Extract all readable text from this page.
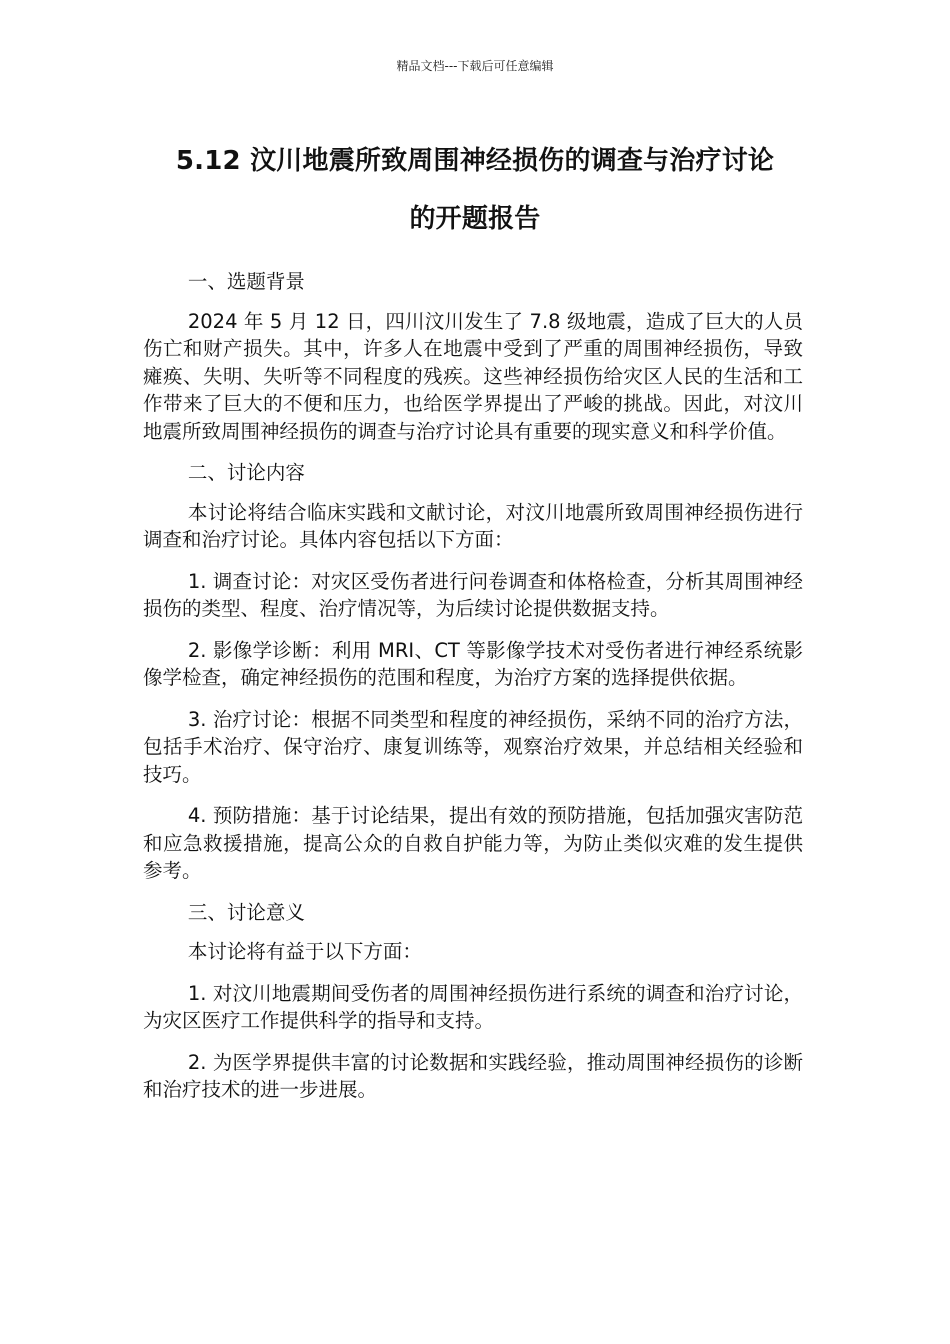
精品文档---下载后可任意编辑
5.12 汶川地震所致周围神经损伤的调查与治疗讨论
的开题报告

一、选题背景

2024 年 5 月 12 日，四川汶川发生了 7.8 级地震，造成了巨大的人员伤亡和财产损失。其中，许多人在地震中受到了严重的周围神经损伤，导致瘫痪、失明、失听等不同程度的残疾。这些神经损伤给灾区人民的生活和工作带来了巨大的不便和压力，也给医学界提出了严峻的挑战。因此，对汶川地震所致周围神经损伤的调查与治疗讨论具有重要的现实意义和科学价值。

二、讨论内容

本讨论将结合临床实践和文献讨论，对汶川地震所致周围神经损伤进行调查和治疗讨论。具体内容包括以下方面：

1. 调查讨论：对灾区受伤者进行问卷调查和体格检查，分析其周围神经损伤的类型、程度、治疗情况等，为后续讨论提供数据支持。

2. 影像学诊断：利用 MRI、CT 等影像学技术对受伤者进行神经系统影像学检查，确定神经损伤的范围和程度，为治疗方案的选择提供依据。

3. 治疗讨论：根据不同类型和程度的神经损伤，采纳不同的治疗方法，包括手术治疗、保守治疗、康复训练等，观察治疗效果，并总结相关经验和技巧。

4. 预防措施：基于讨论结果，提出有效的预防措施，包括加强灾害防范和应急救援措施，提高公众的自救自护能力等，为防止类似灾难的发生提供参考。

三、讨论意义

本讨论将有益于以下方面：

1. 对汶川地震期间受伤者的周围神经损伤进行系统的调查和治疗讨论，为灾区医疗工作提供科学的指导和支持。

2. 为医学界提供丰富的讨论数据和实践经验，推动周围神经损伤的诊断和治疗技术的进一步进展。
